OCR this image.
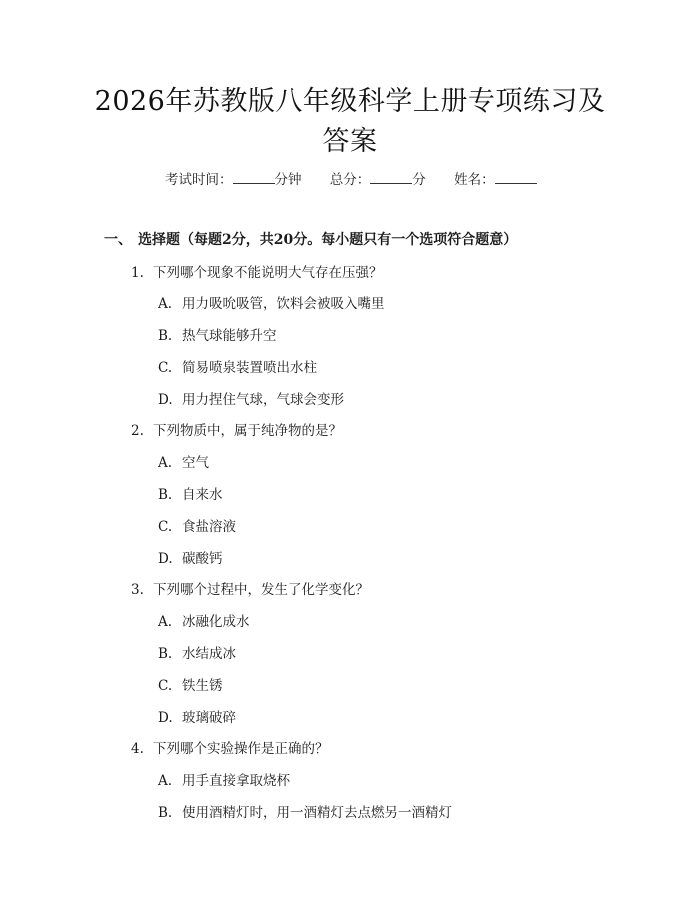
2026年苏教版八年级科学上册专项练习及答案
考试时间：	分钟 总分：	分 姓名：
一、 选择题（每题2分，共20分。每小题只有一个选项符合题意）
1. 下列哪个现象不能说明大气存在压强？
A. 用力吸吮吸管，饮料会被吸入嘴里
B. 热气球能够升空
C. 简易喷泉装置喷出水柱
D. 用力捏住气球，气球会变形
2. 下列物质中，属于纯净物的是？
A. 空气
B. 自来水
C. 食盐溶液
D. 碳酸钙
3. 下列哪个过程中，发生了化学变化？
A. 冰融化成水
B. 水结成冰
C. 铁生锈
D. 玻璃破碎
4. 下列哪个实验操作是正确的？
A. 用手直接拿取烧杯
B. 使用酒精灯时，用一酒精灯去点燃另一酒精灯
